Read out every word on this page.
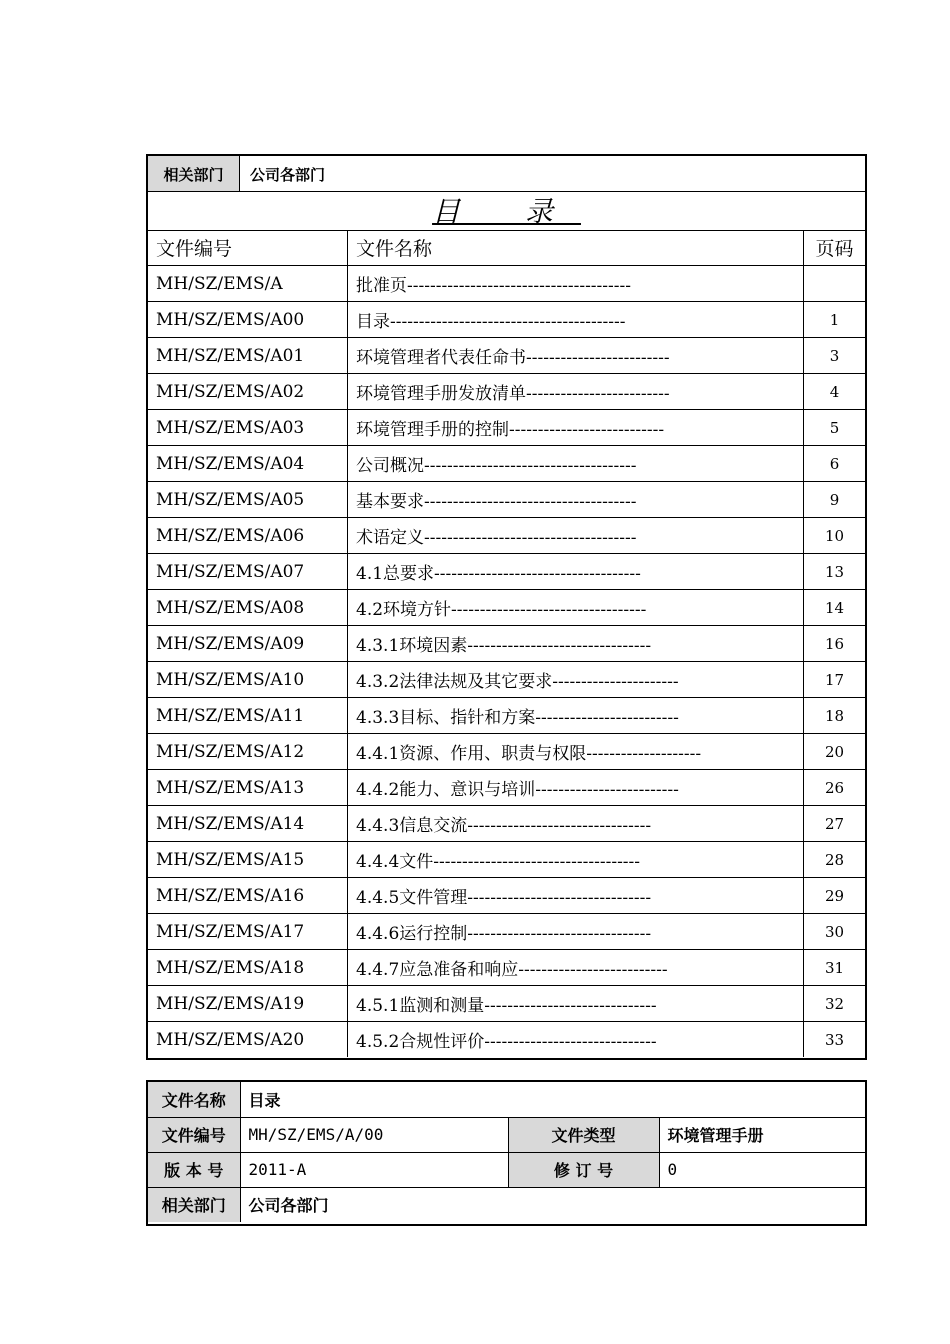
相关部门	公司各部门
目 录
文件编号	文件名称	页码
MH/SZ/EMS/A	批准页---------------------------------------	
MH/SZ/EMS/A00	目录-----------------------------------------	1
MH/SZ/EMS/A01	环境管理者代表任命书-------------------------	3
MH/SZ/EMS/A02	环境管理手册发放清单-------------------------	4
MH/SZ/EMS/A03	环境管理手册的控制---------------------------	5
MH/SZ/EMS/A04	公司概况-------------------------------------	6
MH/SZ/EMS/A05	基本要求-------------------------------------	9
MH/SZ/EMS/A06	术语定义-------------------------------------	10
MH/SZ/EMS/A07	4.1总要求------------------------------------	13
MH/SZ/EMS/A08	4.2环境方针----------------------------------	14
MH/SZ/EMS/A09	4.3.1环境因素--------------------------------	16
MH/SZ/EMS/A10	4.3.2法律法规及其它要求----------------------	17
MH/SZ/EMS/A11	4.3.3目标、指针和方案-------------------------	18
MH/SZ/EMS/A12	4.4.1资源、作用、职责与权限--------------------	20
MH/SZ/EMS/A13	4.4.2能力、意识与培训-------------------------	26
MH/SZ/EMS/A14	4.4.3信息交流--------------------------------	27
MH/SZ/EMS/A15	4.4.4文件------------------------------------	28
MH/SZ/EMS/A16	4.4.5文件管理--------------------------------	29
MH/SZ/EMS/A17	4.4.6运行控制--------------------------------	30
MH/SZ/EMS/A18	4.4.7应急准备和响应--------------------------	31
MH/SZ/EMS/A19	4.5.1监测和测量------------------------------	32
MH/SZ/EMS/A20	4.5.2合规性评价------------------------------	33
文件名称	目录		
文件编号	MH/SZ/EMS/A/00	文件类型	环境管理手册
版 本 号	2011-A	修 订 号	0
相关部门	公司各部门		
